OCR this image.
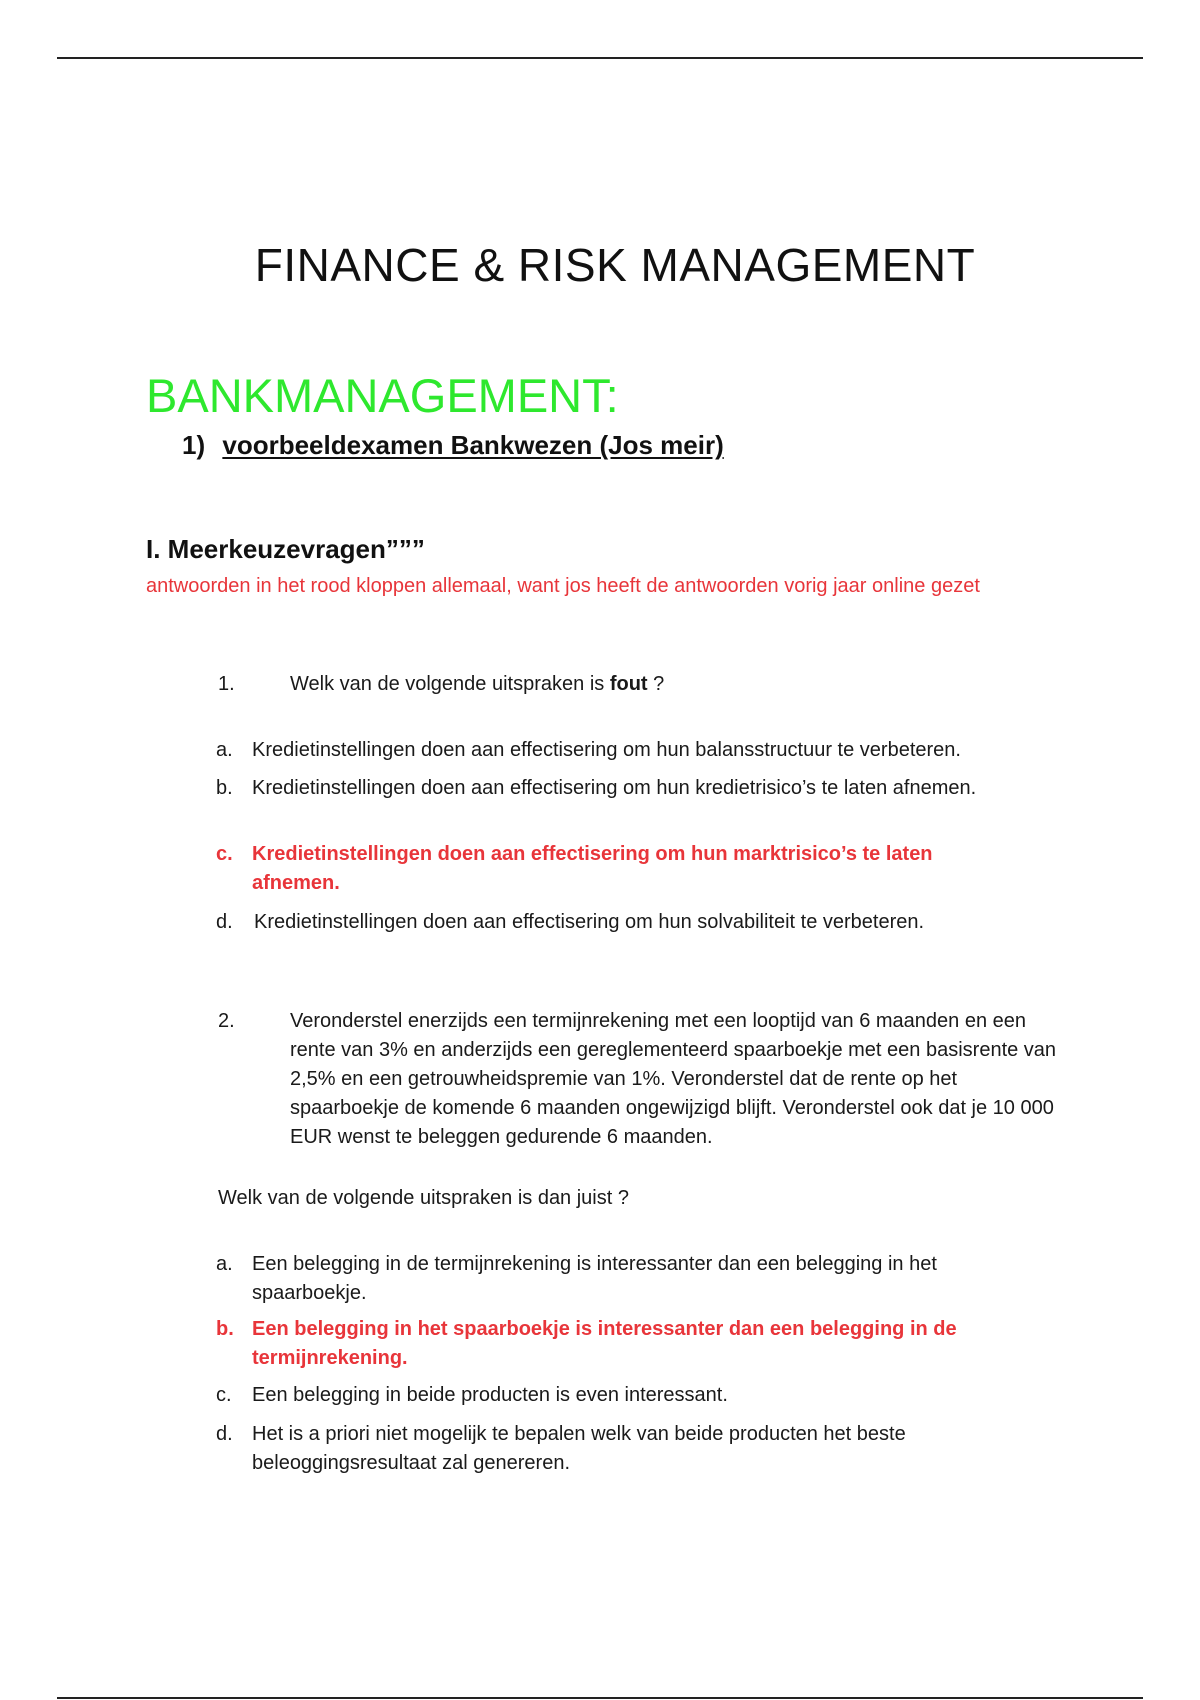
FINANCE & RISK MANAGEMENT
BANKMANAGEMENT:
1) voorbeeldexamen Bankwezen (Jos meir)
I. Meerkeuzevragen”””
antwoorden in het rood kloppen allemaal, want jos heeft de antwoorden vorig jaar online gezet
1.	Welk van de volgende uitspraken is fout ?
a. Kredietinstellingen doen aan effectisering om hun balansstructuur te verbeteren.
b. Kredietinstellingen doen aan effectisering om hun kredietrisico’s te laten afnemen.
c. Kredietinstellingen doen aan effectisering om hun marktrisico’s te laten afnemen.
d. Kredietinstellingen doen aan effectisering om hun solvabiliteit te verbeteren.
2.	Veronderstel enerzijds een termijnrekening met een looptijd van 6 maanden en een rente van 3% en anderzijds een gereglementeerd spaarboekje met een basisrente van 2,5% en een getrouwheidspremie van 1%. Veronderstel dat de rente op het spaarboekje de komende 6 maanden ongewijzigd blijft. Veronderstel ook dat je 10 000 EUR wenst te beleggen gedurende 6 maanden.
Welk van de volgende uitspraken is dan juist ?
a. Een belegging in de termijnrekening is interessanter dan een belegging in het spaarboekje.
b. Een belegging in het spaarboekje is interessanter dan een belegging in de termijnrekening.
c. Een belegging in beide producten is even interessant.
d. Het is a priori niet mogelijk te bepalen welk van beide producten het beste beleoggingsresultaat zal genereren.
